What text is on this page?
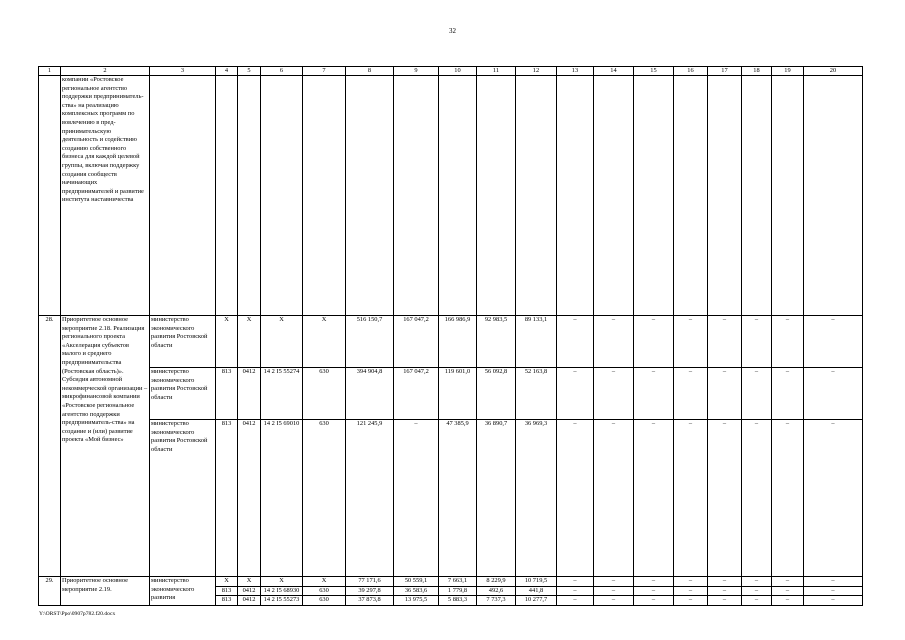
32
1	2	3	4	5	6	7	8	9	10	11	12	13	14	15	16	17	18	19	20
	компании «Ростовское региональное агентство поддержки предприниматель-ства» на реализацию комплексных программ по вовлечению в пред-принимательскую деятельность и содействию созданию собственного бизнеса для каждой целевой группы, включая поддержку создания сообществ начинающих предпринимателей и развитие института наставничества																		
28.	Приоритетное основное мероприятие 2.18. Реализация регионального проекта «Акселерация субъектов малого и среднего предпринимательства (Ростовская область)». Субсидия автономной некоммерческой организации – микрофинансовой компании «Ростовское региональное агентство поддержки предприниматель-ства» на создание и (или) развитие проекта «Мой бизнес»	министерство экономического развития Ростовской области	Х	Х	Х	Х	516 150,7	167 047,2	166 986,9	92 983,5	89 133,1	–	–	–	–	–	–	–	–
		министерство экономического развития Ростовской области	813	0412	14 2 I5 55274	630	394 904,8	167 047,2	119 601,0	56 092,8	52 163,8	–	–	–	–	–	–	–	–
		министерство экономического развития Ростовской области	813	0412	14 2 I5 69010	630	121 245,9	–	47 385,9	36 890,7	36 969,3	–	–	–	–	–	–	–	–
29.	Приоритетное основное мероприятие 2.19.	министерство экономического развития	Х	Х	Х	Х	77 171,6	50 559,1	7 663,1	8 229,9	10 719,5	–	–	–	–	–	–	–	–
			813	0412	14 2 I5 68930	630	39 297,8	36 583,6	1 779,8	492,6	441,8	–	–	–	–	–	–	–	–
			813	0412	14 2 I5 55273	630	37 873,8	13 975,5	5 883,3	7 737,3	10 277,7	–	–	–	–	–	–	–	–
Y:\ORST\Ppo\0907p782.f20.docx
